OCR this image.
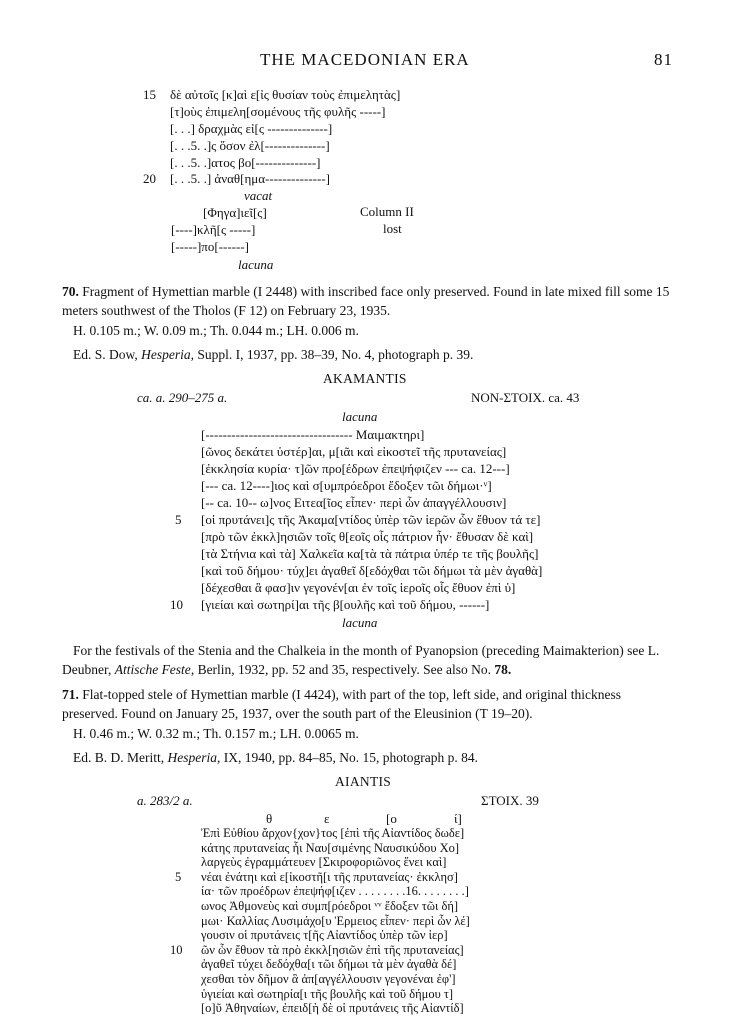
THE MACEDONIAN ERA	81
15 δὲ αὐτοῖς [κ]αὶ ε[ἰς θυσίαν τοὺς ἐπιμελητὰς]
[τ]οὺς ἐπιμελη[σομένους τῆς φυλῆς -----]
[. . .] δραχμὰς εἰ[ς --------------]
[. . .5. .]ς ὅσον ἐλ[--------------]
[. . .5. .]ατος βο[--------------]
20 [. . .5. .] ἀναθ[ημα--------------]
vacat
[Φηγα]ιεῖ[ς]	Column II
[----]κλῆ[ς -----]	lost
[-----]πο[------]
lacuna
70. Fragment of Hymettian marble (I 2448) with inscribed face only preserved. Found in late mixed fill some 15 meters southwest of the Tholos (F 12) on February 23, 1935.
H. 0.105 m.; W. 0.09 m.; Th. 0.044 m.; LH. 0.006 m.
Ed. S. Dow, Hesperia, Suppl. I, 1937, pp. 38–39, No. 4, photograph p. 39.
AKAMANTIS
ca. a. 290–275 a.	NON-ΣΤΟΙΧ. ca. 43
lacuna
[---------------------------------- Μαιμακτηρι]
[ῶνος δεκάτει ὑστέρ]αι, μ[ιᾶι καὶ εἰκοστεῖ τῆς πρυτανείας]
[ἐκκλησία κυρία· τ]ῶν προ[έδρων ἐπεψήφιζεν --- ca. 12---]
[--- ca. 12----]ιος καὶ σ[υμπρόεδροι ἔδοξεν τῶι δήμωι·ᵛ]
[-- ca. 10-- ω]νος Ειτεα[ῖος εἶπεν· περὶ ὧν ἀπαγγέλλουσιν]
5 [οἱ πρυτάνει]ς τῆς Ἀκαμα[ντίδος ὑπὲρ τῶν ἱερῶν ὧν ἔθυον τά τε]
[πρὸ τῶν ἐκκλ]ησιῶν τοῖς θ[εοῖς οἷς πάτριον ἦν· ἔθυσαν δὲ καὶ]
[τὰ Στήνια καὶ τὰ] Χαλκεῖα κα[τὰ τὰ πάτρια ὑπέρ τε τῆς βουλῆς]
[καὶ τοῦ δήμου· τύχ]ει ἀγαθεῖ δ[εδόχθαι τῶι δήμωι τὰ μὲν ἀγαθὰ]
[δέχεσθαι ἃ φασ]ιν γεγονέν[αι ἐν τοῖς ἱεροῖς οἷς ἔθυον ἐπὶ ὑ]
10 [γιείαι καὶ σωτηρί]αι τῆς β[ουλῆς καὶ τοῦ δήμου, ------]
lacuna
For the festivals of the Stenia and the Chalkeia in the month of Pyanopsion (preceding Maimakterion) see L. Deubner, Attische Feste, Berlin, 1932, pp. 52 and 35, respectively. See also No. 78.
71. Flat-topped stele of Hymettian marble (I 4424), with part of the top, left side, and original thickness preserved. Found on January 25, 1937, over the south part of the Eleusinion (T 19–20).
H. 0.46 m.; W. 0.32 m.; Th. 0.157 m.; LH. 0.0065 m.
Ed. B. D. Meritt, Hesperia, IX, 1940, pp. 84–85, No. 15, photograph p. 84.
AIANTIS
a. 283/2 a.	ΣΤΟΙΧ. 39
θ	ε	[ο	ί]
Ἐπὶ Εὐθίου ἄρχον{χον}τος [ἐπὶ τῆς Αἰαντίδος δωδε]
κάτης πρυτανείας ἧι Ναυ[σιμένης Ναυσικύδου Χο]
λαργεὺς ἐγραμμάτευεν [Σκιροφοριῶνος ἕνει καὶ]
5 νέαι ἐνάτηι καὶ ε[ἰκοστῆ[ι τῆς πρυτανείας· ἐκκλησ]
ία· τῶν προέδρων ἐπεψήφ[ιζεν . . . . . . . .16. . . . . . . .]
ωνος Ἀθμονεὺς καὶ συμπ[ρόεδροι ᵛᵛ ἔδοξεν τῶι δή]
μωι· Καλλίας Λυσιμάχο[υ Ἑρμειος εἶπεν· περὶ ὧν λέ]
γουσιν οἱ πρυτάνεις τ[ῆς Αἰαντίδος ὑπὲρ τῶν ἱερ]
10 ῶν ὧν ἔθυον τὰ πρὸ ἐκκλ[ησιῶν ἐπὶ τῆς πρυτανείας]
ἀγαθεῖ τύχει δεδόχθα[ι τῶι δήμωι τὰ μὲν ἀγαθὰ δέ]
χεσθαι τὸν δῆμον ἃ ἀπ[αγγέλλουσιν γεγονέναι ἐφ']
ὑγιείαι καὶ σωτηρία[ι τῆς βουλῆς καὶ τοῦ δήμου τ]
[ο]ῦ Ἀθηναίων, ἐπειδ[ὴ δὲ οἱ πρυτάνεις τῆς Αἰαντίδ]
